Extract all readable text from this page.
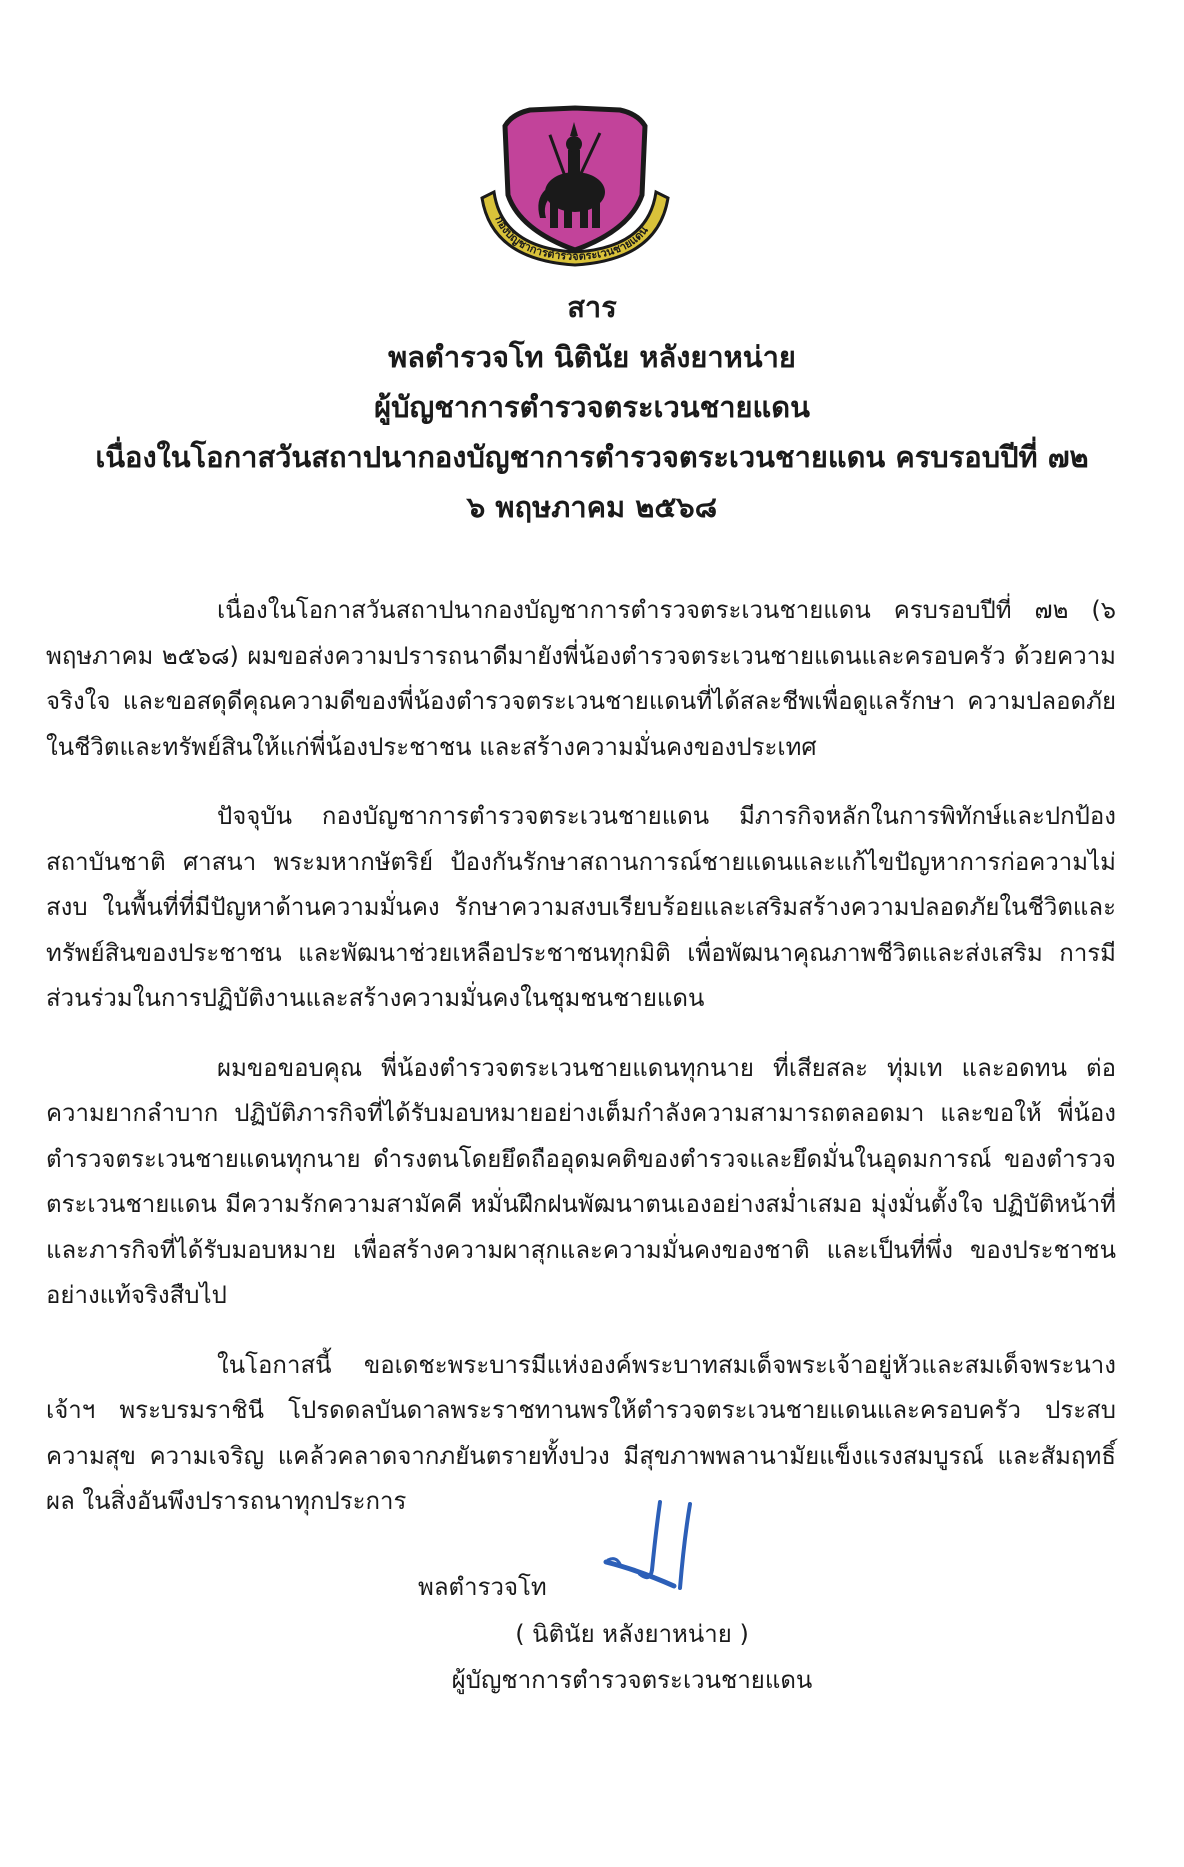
กองบัญชาการตำรวจตระเวนชายแดน
สาร
พลตำรวจโท นิตินัย หลังยาหน่าย
ผู้บัญชาการตำรวจตระเวนชายแดน
เนื่องในโอกาสวันสถาปนากองบัญชาการตำรวจตระเวนชายแดน ครบรอบปีที่ ๗๒
๖ พฤษภาคม ๒๕๖๘

เนื่องในโอกาสวันสถาปนากองบัญชาการตำรวจตระเวนชายแดน ครบรอบปีที่ ๗๒ (๖ พฤษภาคม ๒๕๖๘) ผมขอส่งความปรารถนาดีมายังพี่น้องตำรวจตระเวนชายแดนและครอบครัว ด้วยความจริงใจ และขอสดุดีคุณความดีของพี่น้องตำรวจตระเวนชายแดนที่ได้สละชีพเพื่อดูแลรักษา ความปลอดภัยในชีวิตและทรัพย์สินให้แก่พี่น้องประชาชน และสร้างความมั่นคงของประเทศ

ปัจจุบัน กองบัญชาการตำรวจตระเวนชายแดน มีภารกิจหลักในการพิทักษ์และปกป้อง สถาบันชาติ ศาสนา พระมหากษัตริย์ ป้องกันรักษาสถานการณ์ชายแดนและแก้ไขปัญหาการก่อความไม่สงบ ในพื้นที่ที่มีปัญหาด้านความมั่นคง รักษาความสงบเรียบร้อยและเสริมสร้างความปลอดภัยในชีวิตและ ทรัพย์สินของประชาชน และพัฒนาช่วยเหลือประชาชนทุกมิติ เพื่อพัฒนาคุณภาพชีวิตและส่งเสริม การมีส่วนร่วมในการปฏิบัติงานและสร้างความมั่นคงในชุมชนชายแดน

ผมขอขอบคุณ พี่น้องตำรวจตระเวนชายแดนทุกนาย ที่เสียสละ ทุ่มเท และอดทน ต่อความยากลำบาก ปฏิบัติภารกิจที่ได้รับมอบหมายอย่างเต็มกำลังความสามารถตลอดมา และขอให้ พี่น้องตำรวจตระเวนชายแดนทุกนาย ดำรงตนโดยยึดถืออุดมคติของตำรวจและยึดมั่นในอุดมการณ์ ของตำรวจตระเวนชายแดน มีความรักความสามัคคี หมั่นฝึกฝนพัฒนาตนเองอย่างสม่ำเสมอ มุ่งมั่นตั้งใจ ปฏิบัติหน้าที่และภารกิจที่ได้รับมอบหมาย เพื่อสร้างความผาสุกและความมั่นคงของชาติ และเป็นที่พึ่ง ของประชาชนอย่างแท้จริงสืบไป

ในโอกาสนี้ ขอเดชะพระบารมีแห่งองค์พระบาทสมเด็จพระเจ้าอยู่หัวและสมเด็จพระนางเจ้าฯ พระบรมราชินี โปรดดลบันดาลพระราชทานพรให้ตำรวจตระเวนชายแดนและครอบครัว ประสบความสุข ความเจริญ แคล้วคลาดจากภยันตรายทั้งปวง มีสุขภาพพลานามัยแข็งแรงสมบูรณ์ และสัมฤทธิ์ผล ในสิ่งอันพึงปรารถนาทุกประการ

พลตำรวจโท
( นิตินัย หลังยาหน่าย )
ผู้บัญชาการตำรวจตระเวนชายแดน
